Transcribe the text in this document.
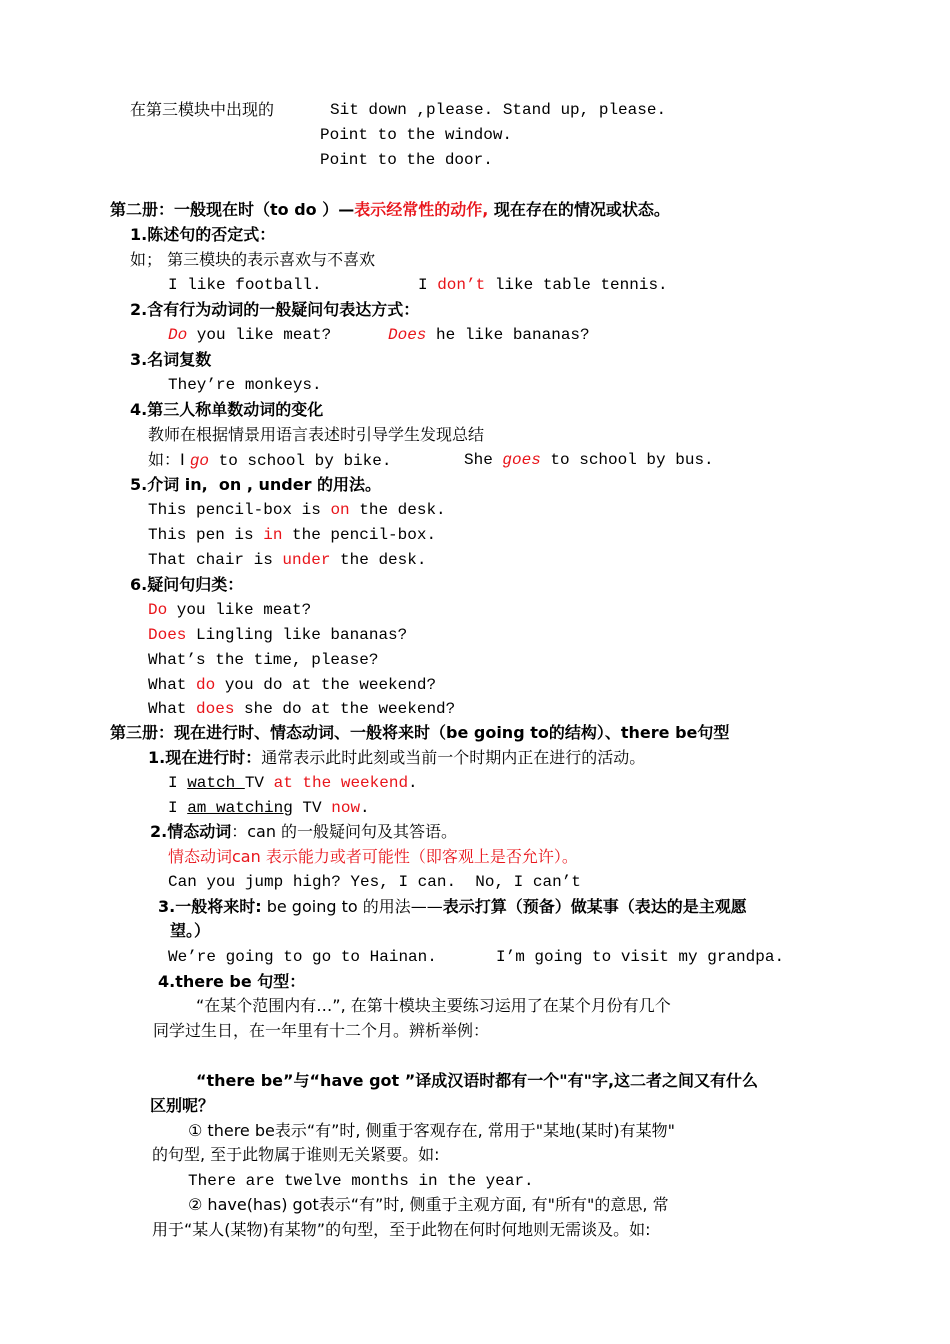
在第三模块中出现的	Sit down ,please. Stand up, please.
Point to the window.
Point to the door.
第二册：一般现在时（to do ）—表示经常性的动作, 现在存在的情况或状态。
1.陈述句的否定式：
如； 第三模块的表示喜欢与不喜欢
I like football.	I don’t like table tennis.
2.含有行为动词的一般疑问句表达方式：
Do you like meat?	Does he like bananas?
3.名词复数
They’re monkeys.
4.第三人称单数动词的变化
教师在根据情景用语言表述时引导学生发现总结
如：I go to school by bike.	She goes to school by bus.
5.介词 in,  on , under 的用法。
This pencil-box is on the desk.
This pen is in the pencil-box.
That chair is under the desk.
6.疑问句归类：
Do you like meat?
Does Lingling like bananas?
What’s the time, please?
What do you do at the weekend?
What does she do at the weekend?
第三册：现在进行时、情态动词、一般将来时（be going to的结构）、there be句型
1.现在进行时：通常表示此时此刻或当前一个时期内正在进行的活动。
I watch TV at the weekend.
I am watching TV now.
2.情态动词：can 的一般疑问句及其答语。
情态动词can 表示能力或者可能性（即客观上是否允许）。
Can you jump high? Yes, I can.  No, I can’t
3.一般将来时: be going to 的用法——表示打算（预备）做某事（表达的是主观愿
望。）
We’re going to go to Hainan.	I’m going to visit my grandpa.
4.there be 句型：
“在某个范围内有…”, 在第十模块主要练习运用了在某个月份有几个
同学过生日，在一年里有十二个月。辨析举例：
“there be”与“have got ”译成汉语时都有一个"有"字,这二者之间又有什么
区别呢？
① there be表示“有”时, 侧重于客观存在, 常用于"某地(某时)有某物"
的句型, 至于此物属于谁则无关紧要。如:
There are twelve months in the year.
② have(has) got表示“有”时, 侧重于主观方面, 有"所有"的意思, 常
用于“某人(某物)有某物”的句型，至于此物在何时何地则无需谈及。如:
